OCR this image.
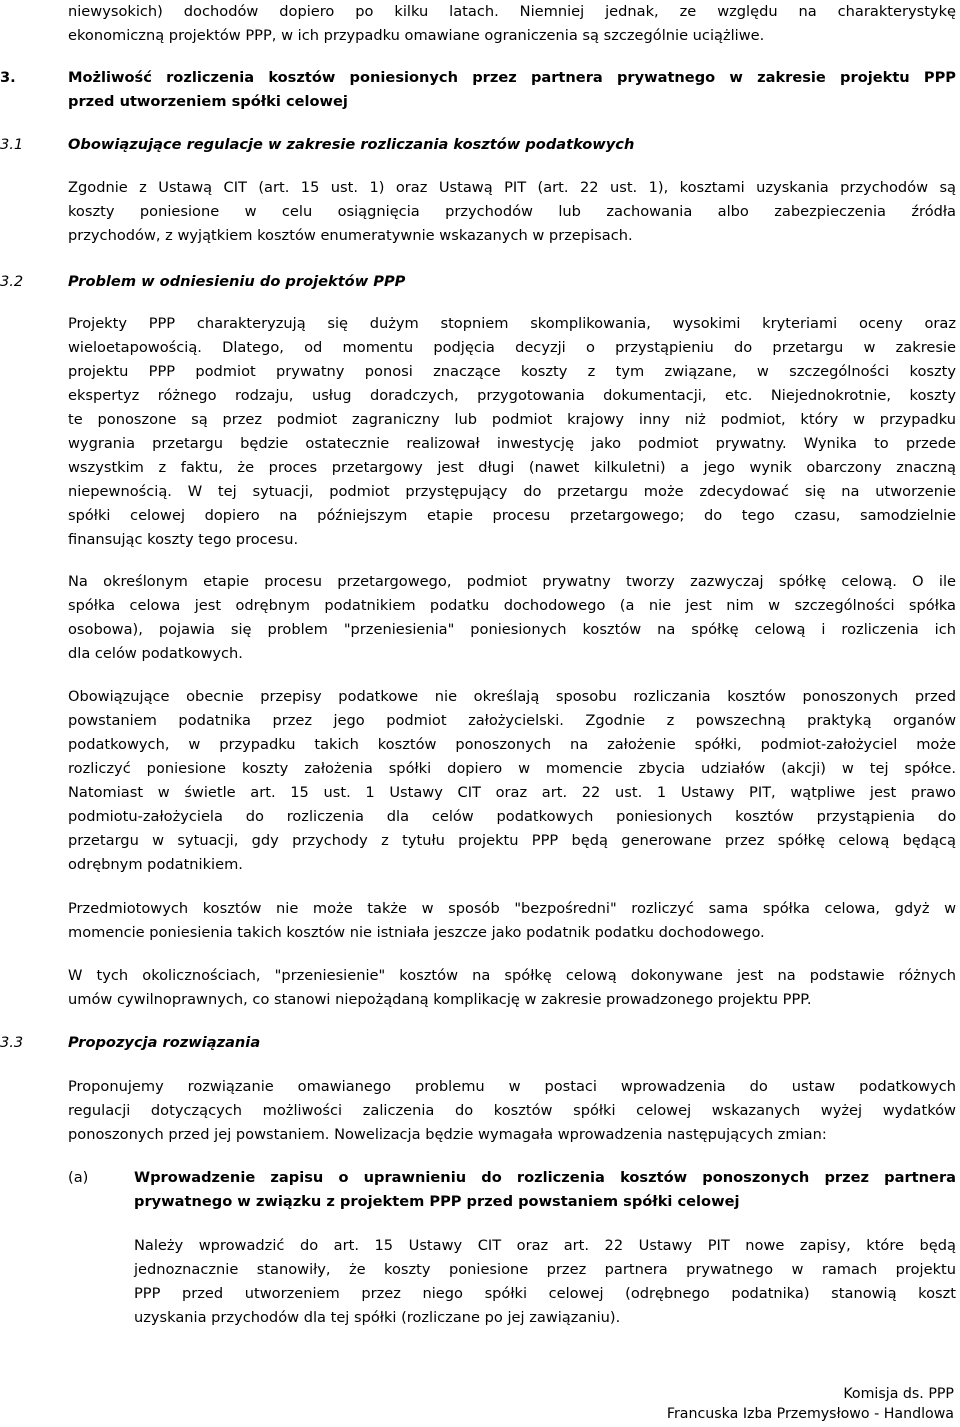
niewysokich) dochodów dopiero po kilku latach. Niemniej jednak, ze względu na charakterystykę
ekonomiczną projektów PPP, w ich przypadku omawiane ograniczenia są szczególnie uciążliwe.
3.	Możliwość rozliczenia kosztów poniesionych przez partnera prywatnego w zakresie projektu PPP
przed utworzeniem spółki celowej
3.1	Obowiązujące regulacje w zakresie rozliczania kosztów podatkowych
Zgodnie z Ustawą CIT (art. 15 ust. 1) oraz Ustawą PIT (art. 22 ust. 1), kosztami uzyskania przychodów są
koszty poniesione w celu osiągnięcia przychodów lub zachowania albo zabezpieczenia źródła
przychodów, z wyjątkiem kosztów enumeratywnie wskazanych w przepisach.
3.2	Problem w odniesieniu do projektów PPP
Projekty PPP charakteryzują się dużym stopniem skomplikowania, wysokimi kryteriami oceny oraz
wieloetapowością. Dlatego, od momentu podjęcia decyzji o przystąpieniu do przetargu w zakresie
projektu PPP podmiot prywatny ponosi znaczące koszty z tym związane, w szczególności koszty
ekspertyz różnego rodzaju, usług doradczych, przygotowania dokumentacji, etc. Niejednokrotnie, koszty
te ponoszone są przez podmiot zagraniczny lub podmiot krajowy inny niż podmiot, który w przypadku
wygrania przetargu będzie ostatecznie realizował inwestycję jako podmiot prywatny. Wynika to przede
wszystkim z faktu, że proces przetargowy jest długi (nawet kilkuletni) a jego wynik obarczony znaczną
niepewnością. W tej sytuacji, podmiot przystępujący do przetargu może zdecydować się na utworzenie
spółki celowej dopiero na późniejszym etapie procesu przetargowego; do tego czasu, samodzielnie
finansując koszty tego procesu.
Na określonym etapie procesu przetargowego, podmiot prywatny tworzy zazwyczaj spółkę celową. O ile
spółka celowa jest odrębnym podatnikiem podatku dochodowego (a nie jest nim w szczególności spółka
osobowa), pojawia się problem "przeniesienia" poniesionych kosztów na spółkę celową i rozliczenia ich
dla celów podatkowych.
Obowiązujące obecnie przepisy podatkowe nie określają sposobu rozliczania kosztów ponoszonych przed
powstaniem podatnika przez jego podmiot założycielski. Zgodnie z powszechną praktyką organów
podatkowych, w przypadku takich kosztów ponoszonych na założenie spółki, podmiot-założyciel może
rozliczyć poniesione koszty założenia spółki dopiero w momencie zbycia udziałów (akcji) w tej spółce.
Natomiast w świetle art. 15 ust. 1 Ustawy CIT oraz art. 22 ust. 1 Ustawy PIT, wątpliwe jest prawo
podmiotu-założyciela do rozliczenia dla celów podatkowych poniesionych kosztów przystąpienia do
przetargu w sytuacji, gdy przychody z tytułu projektu PPP będą generowane przez spółkę celową będącą
odrębnym podatnikiem.
Przedmiotowych kosztów nie może także w sposób "bezpośredni" rozliczyć sama spółka celowa, gdyż w
momencie poniesienia takich kosztów nie istniała jeszcze jako podatnik podatku dochodowego.
W tych okolicznościach, "przeniesienie" kosztów na spółkę celową dokonywane jest na podstawie różnych
umów cywilnoprawnych, co stanowi niepożądaną komplikację w zakresie prowadzonego projektu PPP.
3.3	Propozycja rozwiązania
Proponujemy rozwiązanie omawianego problemu w postaci wprowadzenia do ustaw podatkowych
regulacji dotyczących możliwości zaliczenia do kosztów spółki celowej wskazanych wyżej wydatków
ponoszonych przed jej powstaniem. Nowelizacja będzie wymagała wprowadzenia następujących zmian:
(a)	Wprowadzenie zapisu o uprawnieniu do rozliczenia kosztów ponoszonych przez partnera
prywatnego w związku z projektem PPP przed powstaniem spółki celowej
Należy wprowadzić do art. 15 Ustawy CIT oraz art. 22 Ustawy PIT nowe zapisy, które będą
jednoznacznie stanowiły, że koszty poniesione przez partnera prywatnego w ramach projektu
PPP przed utworzeniem przez niego spółki celowej (odrębnego podatnika) stanowią koszt
uzyskania przychodów dla tej spółki (rozliczane po jej zawiązaniu).
Komisja ds. PPP
Francuska Izba Przemysłowo - Handlowa
